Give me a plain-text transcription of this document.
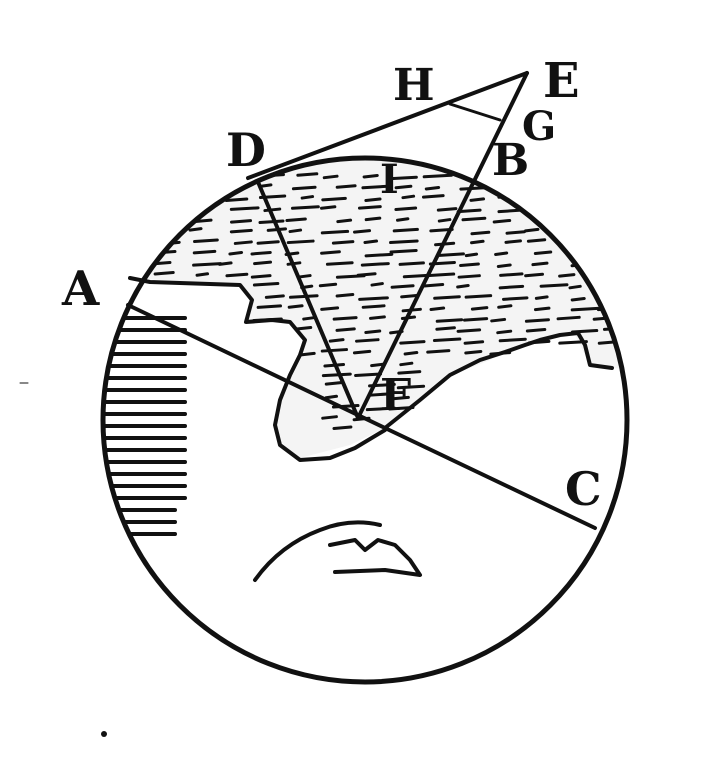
A
B
C
D
E
F
G
H
I
